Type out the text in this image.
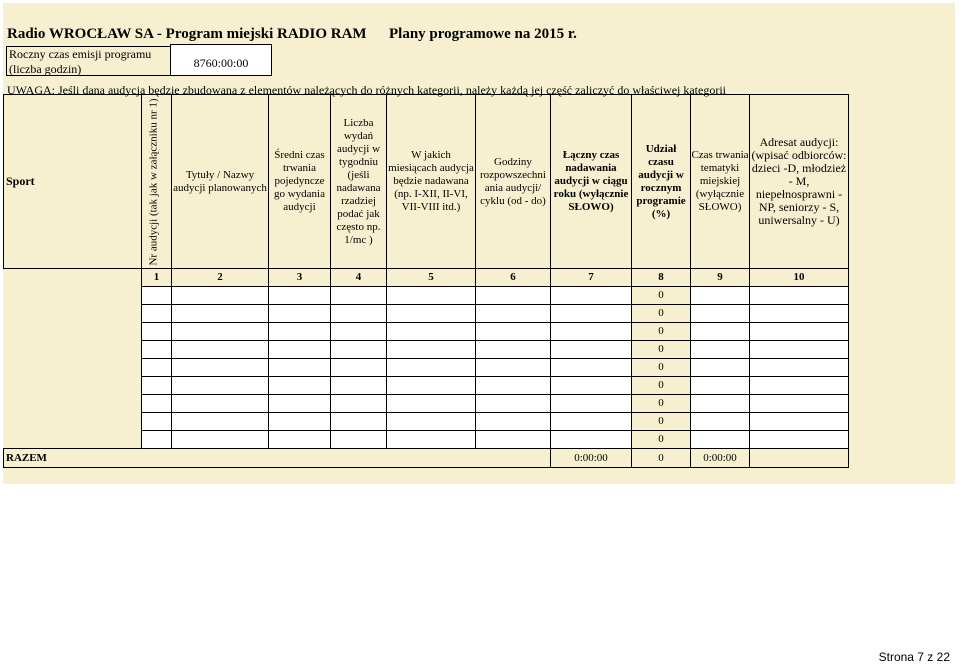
Radio WROCŁAW SA - Program miejski RADIO RAM Plany programowe na 2015 r.
Roczny czas emisji programu (liczba godzin)	8760:00:00
UWAGA: Jeśli dana audycja będzie zbudowana z elementów należących do różnych kategorii, należy każdą jej część zaliczyć do właściwej kategorii
Sport	Nr audycji (tak jak w załączniku nr 1)	Tytuły / Nazwy audycji planowanych	Średni czas trwania pojedyncze go wydania audycji	Liczba wydań audycji w tygodniu (jeśli nadawana rzadziej podać jak często np. 1/mc )	W jakich miesiącach audycja będzie nadawana (np. I-XII, II-VI, VII-VIII itd.)	Godziny rozpowszechni ania audycji/ cyklu (od - do)	Łączny czas nadawania audycji w ciągu roku (wyłącznie SŁOWO)	Udział czasu audycji w rocznym programie (%)	Czas trwania tematyki miejskiej (wyłącznie SŁOWO)	Adresat audycji: (wpisać odbiorców: dzieci -D, młodzież - M, niepełnosprawni - NP, seniorzy - S, uniwersalny - U)
	1	2	3	4	5	6	7	8	9	10
								0		
								0		
								0		
								0		
								0		
								0		
								0		
								0		
								0		
RAZEM							0:00:00	0	0:00:00	
Strona 7 z 22
